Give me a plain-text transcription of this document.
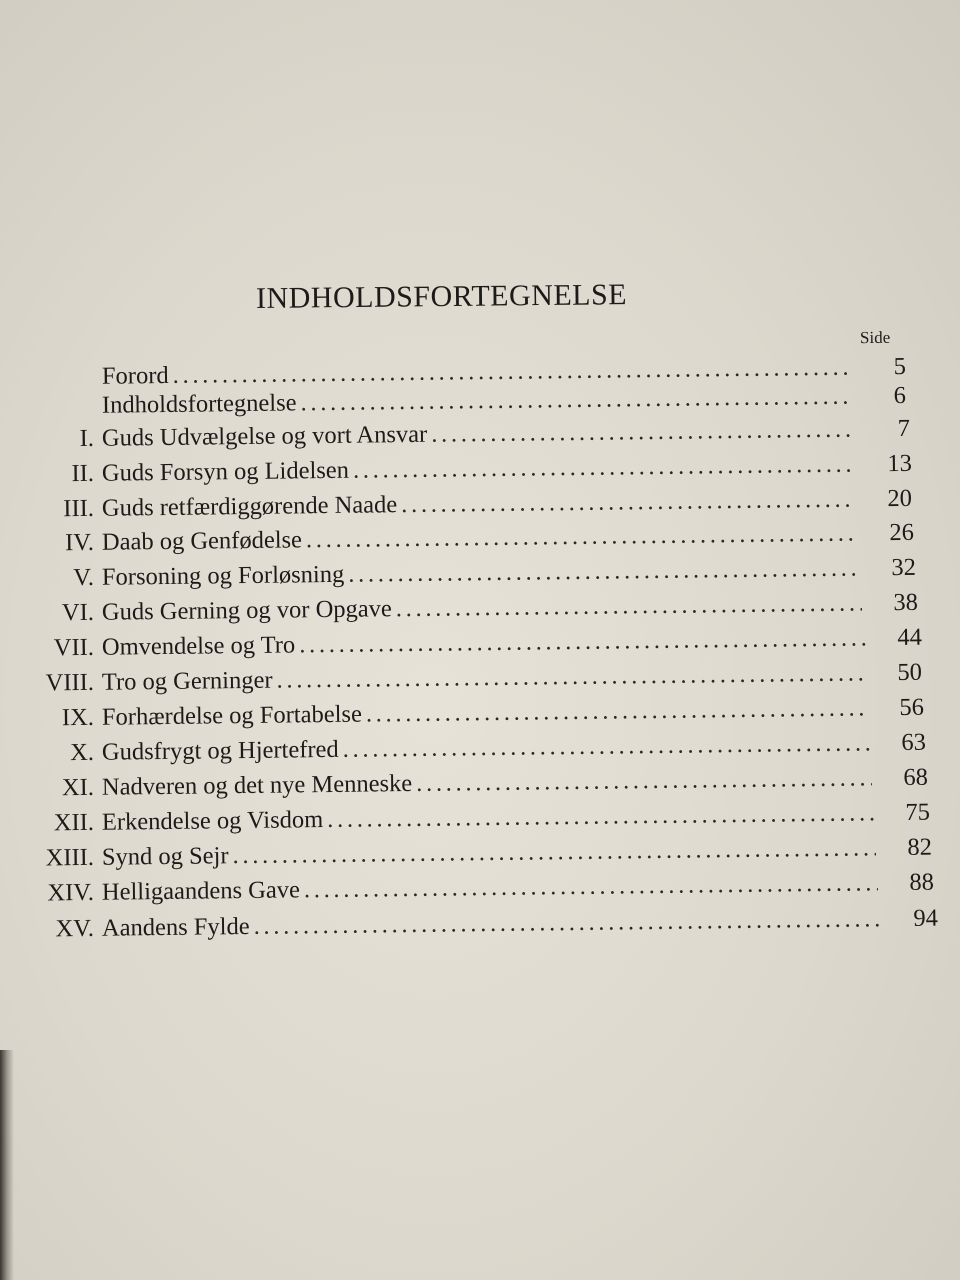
INDHOLDSFORTEGNELSE
Side
Forord . . .	5
Indholdsfortegnelse . . .	6
I. Guds Udvælgelse og vort Ansvar . . .	7
II. Guds Forsyn og Lidelsen . . .	13
III. Guds retfærdiggørende Naade . . .	20
IV. Daab og Genfødelse . . .	26
V. Forsoning og Forløsning . . .	32
VI. Guds Gerning og vor Opgave . . .	38
VII. Omvendelse og Tro . . .	44
VIII. Tro og Gerninger . . .	50
IX. Forhærdelse og Fortabelse . . .	56
X. Gudsfrygt og Hjertefred . . .	63
XI. Nadveren og det nye Menneske . . .	68
XII. Erkendelse og Visdom . . .	75
XIII. Synd og Sejr . . .	82
XIV. Helligaandens Gave . . .	88
XV. Aandens Fylde . . .	94
